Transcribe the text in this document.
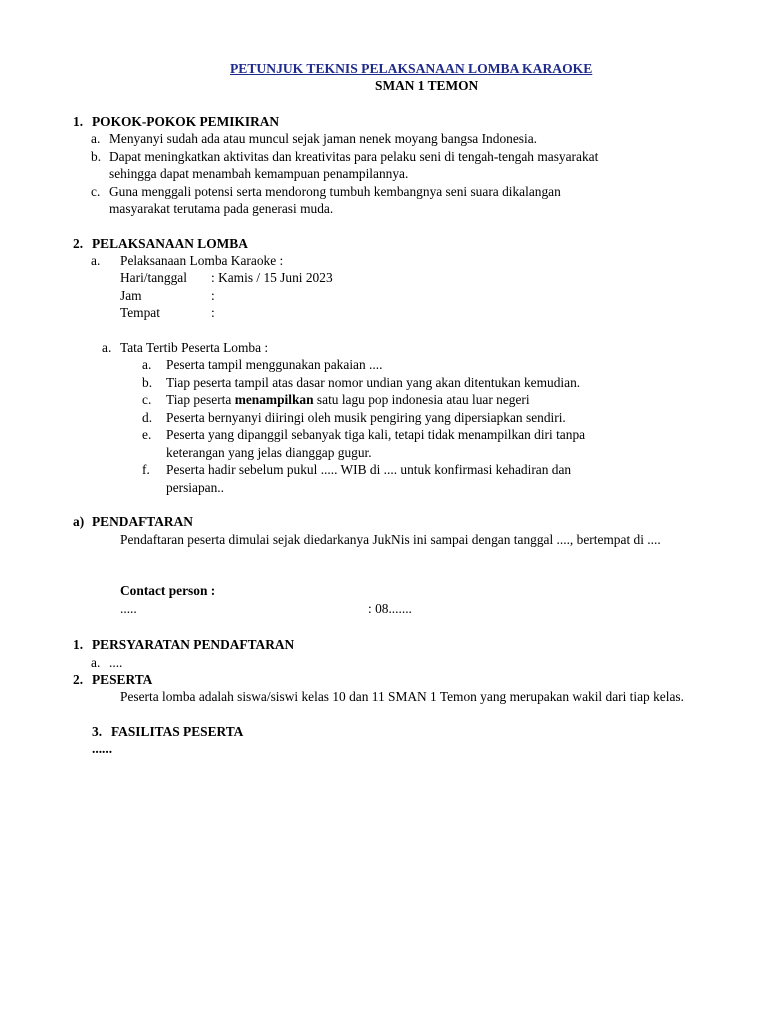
PETUNJUK TEKNIS PELAKSANAAN LOMBA KARAOKE
SMAN 1 TEMON
1. POKOK-POKOK PEMIKIRAN
a. Menyanyi sudah ada atau muncul sejak jaman nenek moyang bangsa Indonesia.
b. Dapat meningkatkan aktivitas dan kreativitas para pelaku seni di tengah-tengah masyarakat
sehingga dapat menambah kemampuan penampilannya.
c. Guna menggali potensi serta mendorong tumbuh kembangnya seni suara dikalangan
masyarakat terutama pada generasi muda.
2. PELAKSANAAN LOMBA
a. Pelaksanaan Lomba Karaoke :
Hari/tanggal : Kamis / 15 Juni 2023
Jam	:
Tempat	:
a. Tata Tertib Peserta Lomba :
a. Peserta tampil menggunakan pakaian ....
b. Tiap peserta tampil atas dasar nomor undian yang akan ditentukan kemudian.
c. Tiap peserta menampilkan satu lagu pop indonesia atau luar negeri
d. Peserta bernyanyi diiringi oleh musik pengiring yang dipersiapkan sendiri.
e. Peserta yang dipanggil sebanyak tiga kali, tetapi tidak menampilkan diri tanpa
keterangan yang jelas dianggap gugur.
f. Peserta hadir sebelum pukul ..... WIB di .... untuk konfirmasi kehadiran dan
persiapan..
a) PENDAFTARAN
Pendaftaran peserta dimulai sejak diedarkanya JukNis ini sampai dengan tanggal ...., bertempat di ....
Contact person :
.....	: 08.......
1. PERSYARATAN PENDAFTARAN
a. ....
2. PESERTA
Peserta lomba adalah siswa/siswi kelas 10 dan 11 SMAN 1 Temon yang merupakan wakil dari tiap kelas.
3. FASILITAS PESERTA
......
